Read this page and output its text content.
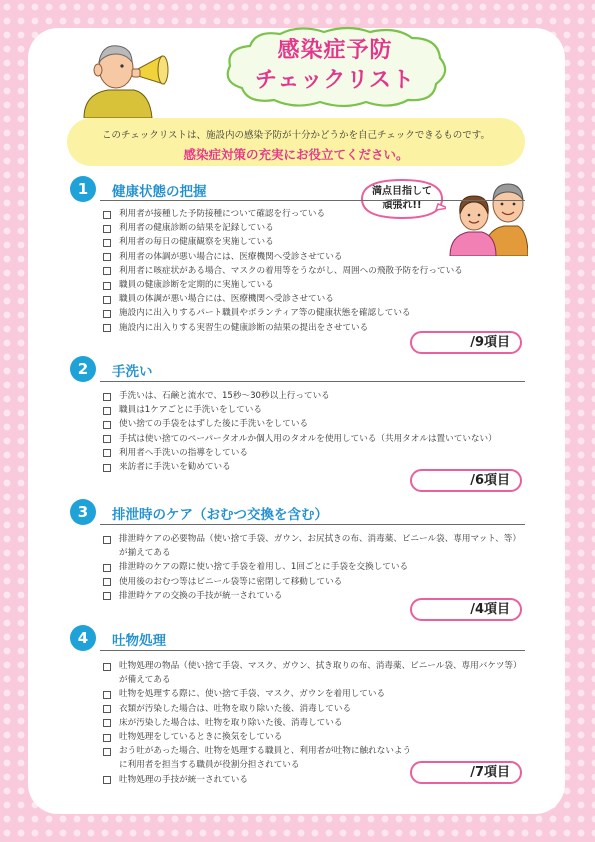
感染症予防
チェックリスト
このチェックリストは、施設内の感染予防が十分かどうかを自己チェックできるものです。
感染症対策の充実にお役立てください。
満点目指して
頑張れ!!
1	健康状態の把握
利用者が接種した予防接種について確認を行っている
利用者の健康診断の結果を記録している
利用者の毎日の健康観察を実施している
利用者の体調が悪い場合には、医療機関へ受診させている
利用者に咳症状がある場合、マスクの着用等をうながし、周囲への飛散予防を行っている
職員の健康診断を定期的に実施している
職員の体調が悪い場合には、医療機関へ受診させている
施設内に出入りするパート職員やボランティア等の健康状態を確認している
施設内に出入りする実習生の健康診断の結果の提出をさせている
/9項目
2	手洗い
手洗いは、石鹸と流水で、15秒～30秒以上行っている
職員は1ケアごとに手洗いをしている
使い捨ての手袋をはずした後に手洗いをしている
手拭は使い捨てのペーパータオルか個人用のタオルを使用している（共用タオルは置いていない）
利用者へ手洗いの指導をしている
来訪者に手洗いを勧めている
/6項目
3	排泄時のケア（おむつ交換を含む）
排泄時ケアの必要物品（使い捨て手袋、ガウン、お尻拭きの布、消毒薬、ビニール袋、専用マット、等）が揃えてある
排泄時のケアの際に使い捨て手袋を着用し、1回ごとに手袋を交換している
使用後のおむつ等はビニール袋等に密閉して移動している
排泄時ケアの交換の手技が統一されている
/4項目
4	吐物処理
吐物処理の物品（使い捨て手袋、マスク、ガウン、拭き取りの布、消毒薬、ビニール袋、専用バケツ等）が備えてある
吐物を処理する際に、使い捨て手袋、マスク、ガウンを着用している
衣類が汚染した場合は、吐物を取り除いた後、消毒している
床が汚染した場合は、吐物を取り除いた後、消毒している
吐物処理をしているときに換気をしている
おう吐があった場合、吐物を処理する職員と、利用者が吐物に触れないように利用者を担当する職員が役割分担されている
吐物処理の手技が統一されている	/7項目
